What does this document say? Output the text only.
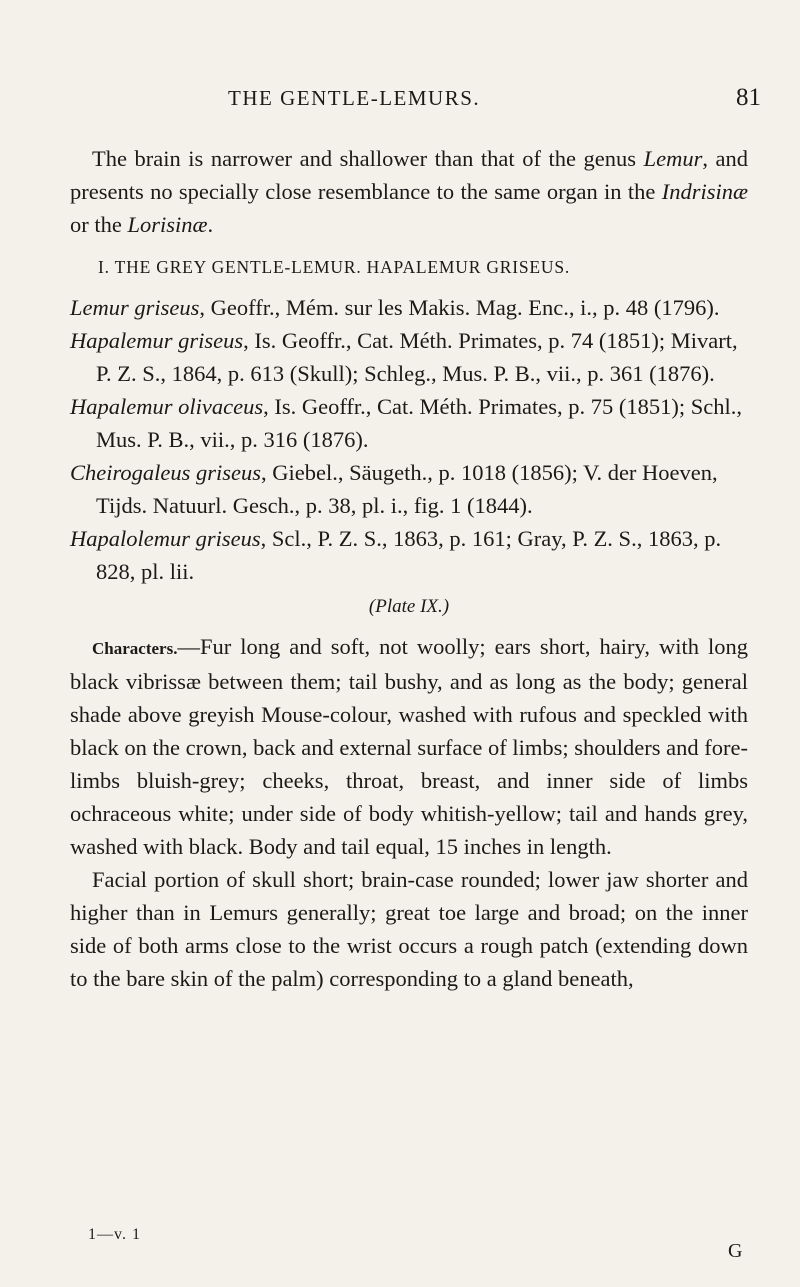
THE GENTLE-LEMURS.	81

The brain is narrower and shallower than that of the genus Lemur, and presents no specially close resemblance to the same organ in the Indrisinæ or the Lorisinæ.

I. THE GREY GENTLE-LEMUR. HAPALEMUR GRISEUS.
Lemur griseus, Geoffr., Mém. sur les Makis. Mag. Enc., i., p. 48 (1796).
Hapalemur griseus, Is. Geoffr., Cat. Méth. Primates, p. 74 (1851); Mivart, P. Z. S., 1864, p. 613 (Skull); Schleg., Mus. P. B., vii., p. 361 (1876).
Hapalemur olivaceus, Is. Geoffr., Cat. Méth. Primates, p. 75 (1851); Schl., Mus. P. B., vii., p. 316 (1876).
Cheirogaleus griseus, Giebel., Säugeth., p. 1018 (1856); V. der Hoeven, Tijds. Natuurl. Gesch., p. 38, pl. i., fig. 1 (1844).
Hapalolemur griseus, Scl., P. Z. S., 1863, p. 161; Gray, P. Z. S., 1863, p. 828, pl. lii.
(Plate IX.)

Characters.—Fur long and soft, not woolly; ears short, hairy, with long black vibrissæ between them; tail bushy, and as long as the body; general shade above greyish Mouse-colour, washed with rufous and speckled with black on the crown, back and external surface of limbs; shoulders and fore-limbs bluish-grey; cheeks, throat, breast, and inner side of limbs ochraceous white; under side of body whitish-yellow; tail and hands grey, washed with black. Body and tail equal, 15 inches in length.

Facial portion of skull short; brain-case rounded; lower jaw shorter and higher than in Lemurs generally; great toe large and broad; on the inner side of both arms close to the wrist occurs a rough patch (extending down to the bare skin of the palm) corresponding to a gland beneath,

1—v. 1
G
